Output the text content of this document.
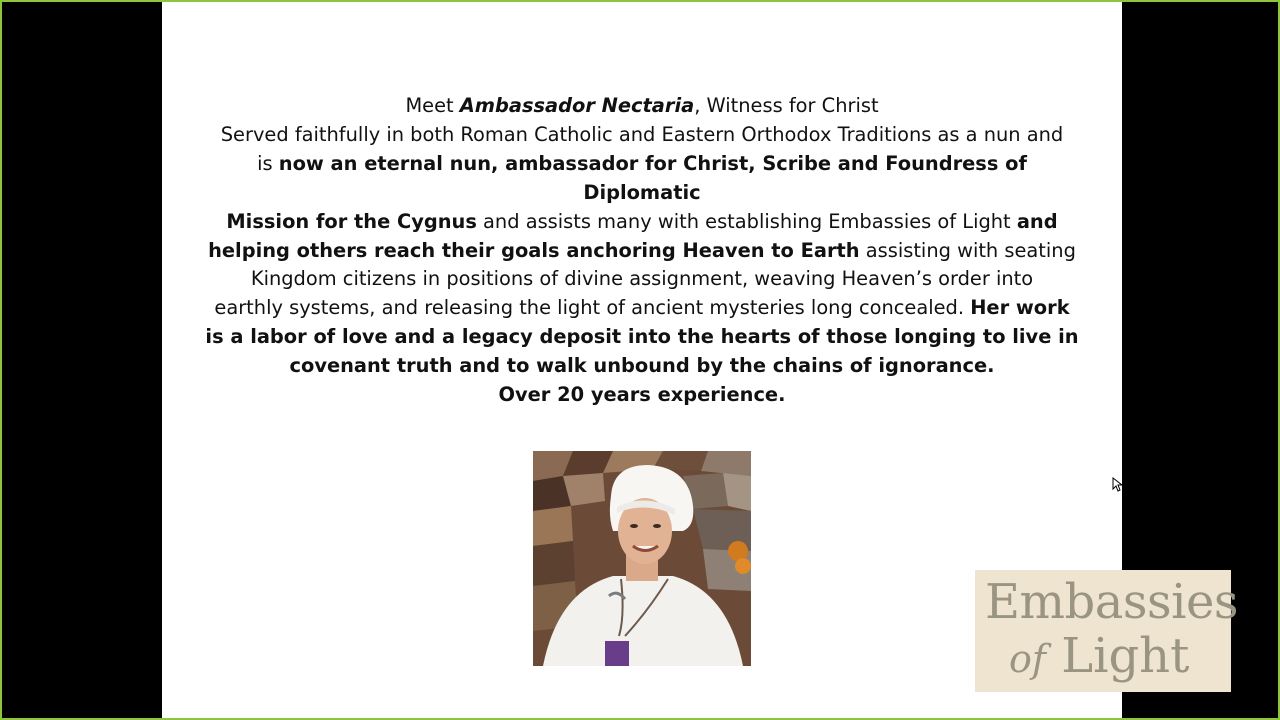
Meet Ambassador Nectaria, Witness for Christ
Served faithfully in both Roman Catholic and Eastern Orthodox Traditions as a nun and
is now an eternal nun, ambassador for Christ, Scribe and Foundress of Diplomatic
Mission for the Cygnus and assists many with establishing Embassies of Light and
helping others reach their goals anchoring Heaven to Earth assisting with seating
Kingdom citizens in positions of divine assignment, weaving Heaven’s order into
earthly systems, and releasing the light of ancient mysteries long concealed. Her work
is a labor of love and a legacy deposit into the hearts of those longing to live in
covenant truth and to walk unbound by the chains of ignorance.
Over 20 years experience.
Embassies
of Light
